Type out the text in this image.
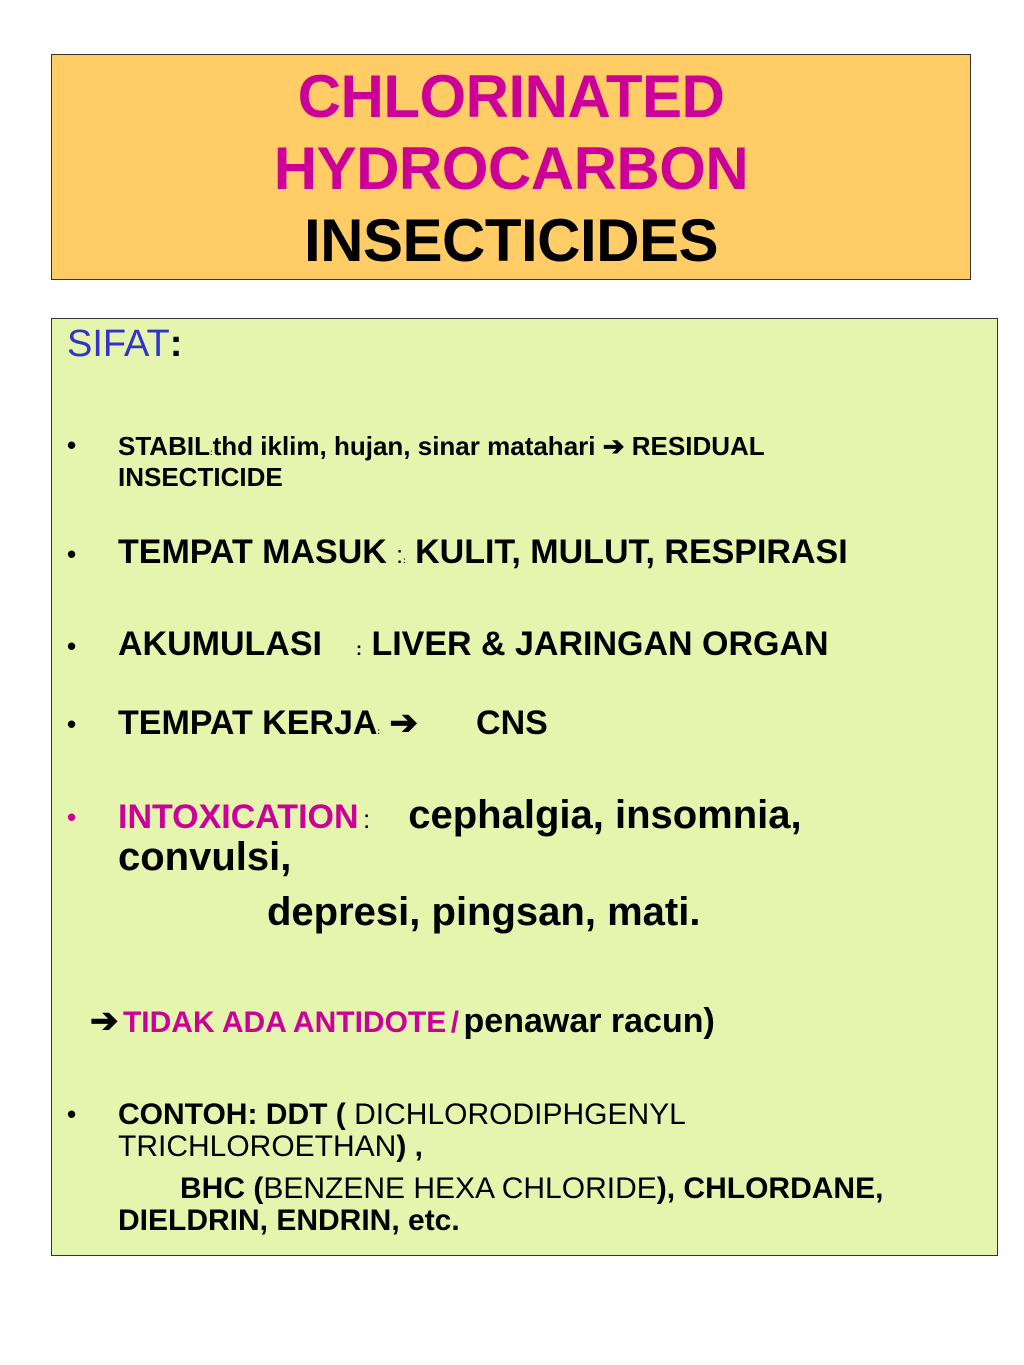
CHLORINATED
HYDROCARBON
INSECTICIDES
SIFAT:
• STABIL:thd iklim, hujan, sinar matahari ➔ RESIDUAL
INSECTICIDE
• TEMPAT MASUK :: KULIT, MULUT, RESPIRASI
• AKUMULASI : LIVER & JARINGAN ORGAN
• TEMPAT KERJA: ➔ CNS
• INTOXICATION : cephalgia, insomnia,
convulsi,
depresi, pingsan, mati.
➔ TIDAK ADA ANTIDOTE / penawar racun)
• CONTOH: DDT ( DICHLORODIPHGENYL
TRICHLOROETHAN) ,
BHC (BENZENE HEXA CHLORIDE), CHLORDANE,
DIELDRIN, ENDRIN, etc.
